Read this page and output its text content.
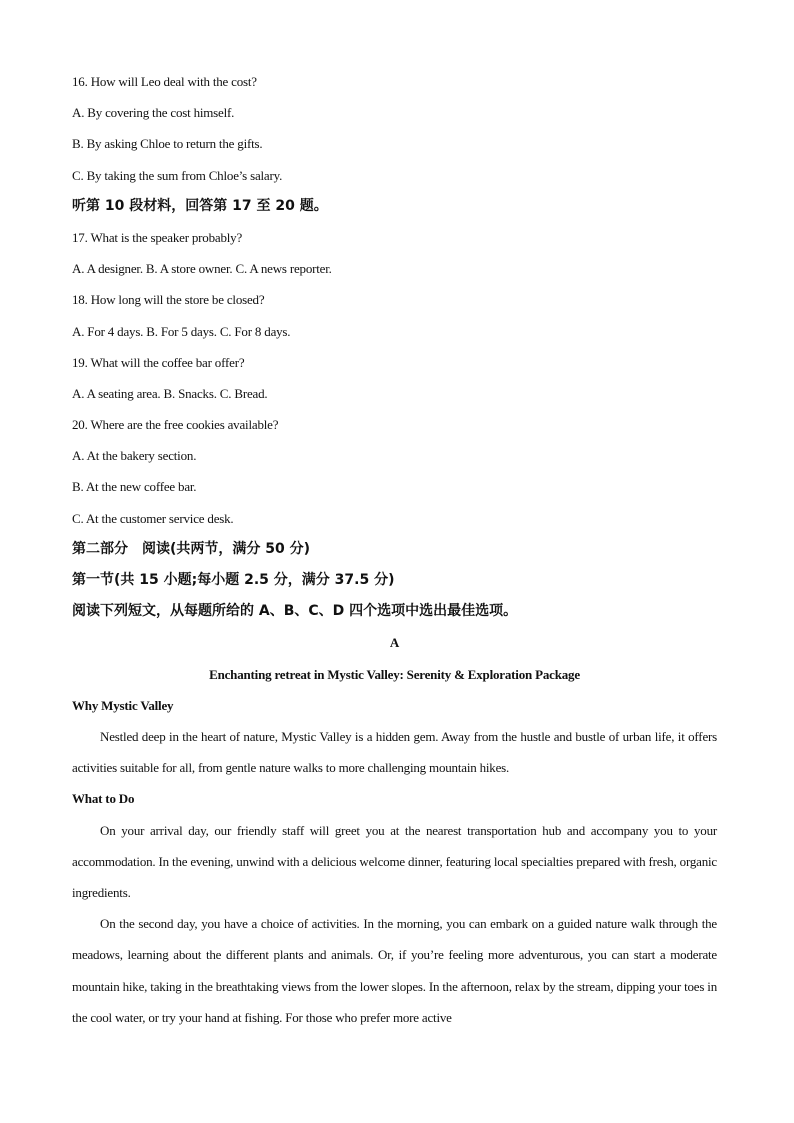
16. How will Leo deal with the cost?
A. By covering the cost himself.
B. By asking Chloe to return the gifts.
C. By taking the sum from Chloe’s salary.
听第 10 段材料，回答第 17 至 20 题。
17. What is the speaker probably?
A. A designer. B. A store owner. C. A news reporter.
18. How long will the store be closed?
A. For 4 days. B. For 5 days. C. For 8 days.
19. What will the coffee bar offer?
A. A seating area. B. Snacks. C. Bread.
20. Where are the free cookies available?
A. At the bakery section.
B. At the new coffee bar.
C. At the customer service desk.
第二部分　阅读(共两节，满分 50 分)
第一节(共 15 小题;每小题 2.5 分，满分 37.5 分)
阅读下列短文，从每题所给的 A、B、C、D 四个选项中选出最佳选项。
A
Enchanting retreat in Mystic Valley: Serenity & Exploration Package
Why Mystic Valley

Nestled deep in the heart of nature, Mystic Valley is a hidden gem. Away from the hustle and bustle of urban life, it offers activities suitable for all, from gentle nature walks to more challenging mountain hikes.

What to Do

On your arrival day, our friendly staff will greet you at the nearest transportation hub and accompany you to your accommodation. In the evening, unwind with a delicious welcome dinner, featuring local specialties prepared with fresh, organic ingredients.

On the second day, you have a choice of activities. In the morning, you can embark on a guided nature walk through the meadows, learning about the different plants and animals. Or, if you’re feeling more adventurous, you can start a moderate mountain hike, taking in the breathtaking views from the lower slopes. In the afternoon, relax by the stream, dipping your toes in the cool water, or try your hand at fishing. For those who prefer more active
